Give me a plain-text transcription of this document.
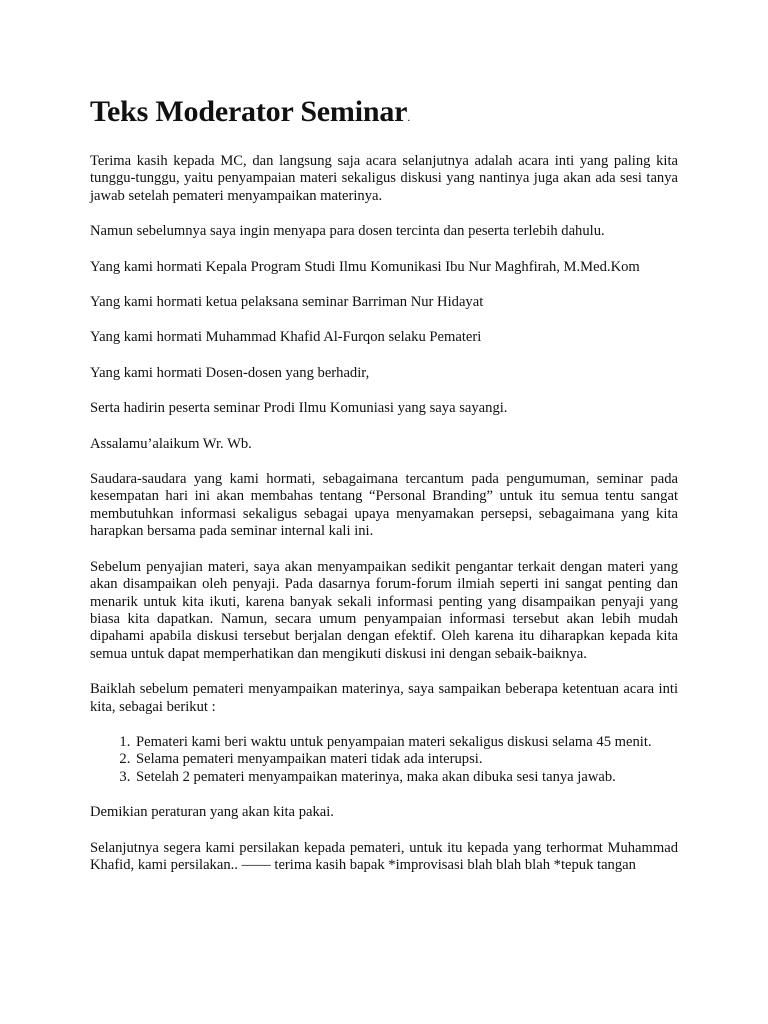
Teks Moderator Seminar.

Terima kasih kepada MC, dan langsung saja acara selanjutnya adalah acara inti yang paling kita tunggu-tunggu, yaitu penyampaian materi sekaligus diskusi yang nantinya juga akan ada sesi tanya jawab setelah pemateri menyampaikan materinya.

Namun sebelumnya saya ingin menyapa para dosen tercinta dan peserta terlebih dahulu.

Yang kami hormati Kepala Program Studi Ilmu Komunikasi Ibu Nur Maghfirah, M.Med.Kom

Yang kami hormati ketua pelaksana seminar Barriman Nur Hidayat

Yang kami hormati Muhammad Khafid Al-Furqon selaku Pemateri

Yang kami hormati Dosen-dosen yang berhadir,

Serta hadirin peserta seminar Prodi Ilmu Komuniasi yang saya sayangi.

Assalamu’alaikum Wr. Wb.

Saudara-saudara yang kami hormati, sebagaimana tercantum pada pengumuman, seminar pada kesempatan hari ini akan membahas tentang “Personal Branding” untuk itu semua tentu sangat membutuhkan informasi sekaligus sebagai upaya menyamakan persepsi, sebagaimana yang kita harapkan bersama pada seminar internal kali ini.

Sebelum penyajian materi, saya akan menyampaikan sedikit pengantar terkait dengan materi yang akan disampaikan oleh penyaji. Pada dasarnya forum-forum ilmiah seperti ini sangat penting dan menarik untuk kita ikuti, karena banyak sekali informasi penting yang disampaikan penyaji yang biasa kita dapatkan. Namun, secara umum penyampaian informasi tersebut akan lebih mudah dipahami apabila diskusi tersebut berjalan dengan efektif. Oleh karena itu diharapkan kepada kita semua untuk dapat memperhatikan dan mengikuti diskusi ini dengan sebaik-baiknya.

Baiklah sebelum pemateri menyampaikan materinya, saya sampaikan beberapa ketentuan acara inti kita, sebagai berikut :

1. Pemateri kami beri waktu untuk penyampaian materi sekaligus diskusi selama 45 menit.
2. Selama pemateri menyampaikan materi tidak ada interupsi.
3. Setelah 2 pemateri menyampaikan materinya, maka akan dibuka sesi tanya jawab.

Demikian peraturan yang akan kita pakai.

Selanjutnya segera kami persilakan kepada pemateri, untuk itu kepada yang terhormat Muhammad Khafid, kami persilakan.. —— terima kasih bapak *improvisasi blah blah blah *tepuk tangan
